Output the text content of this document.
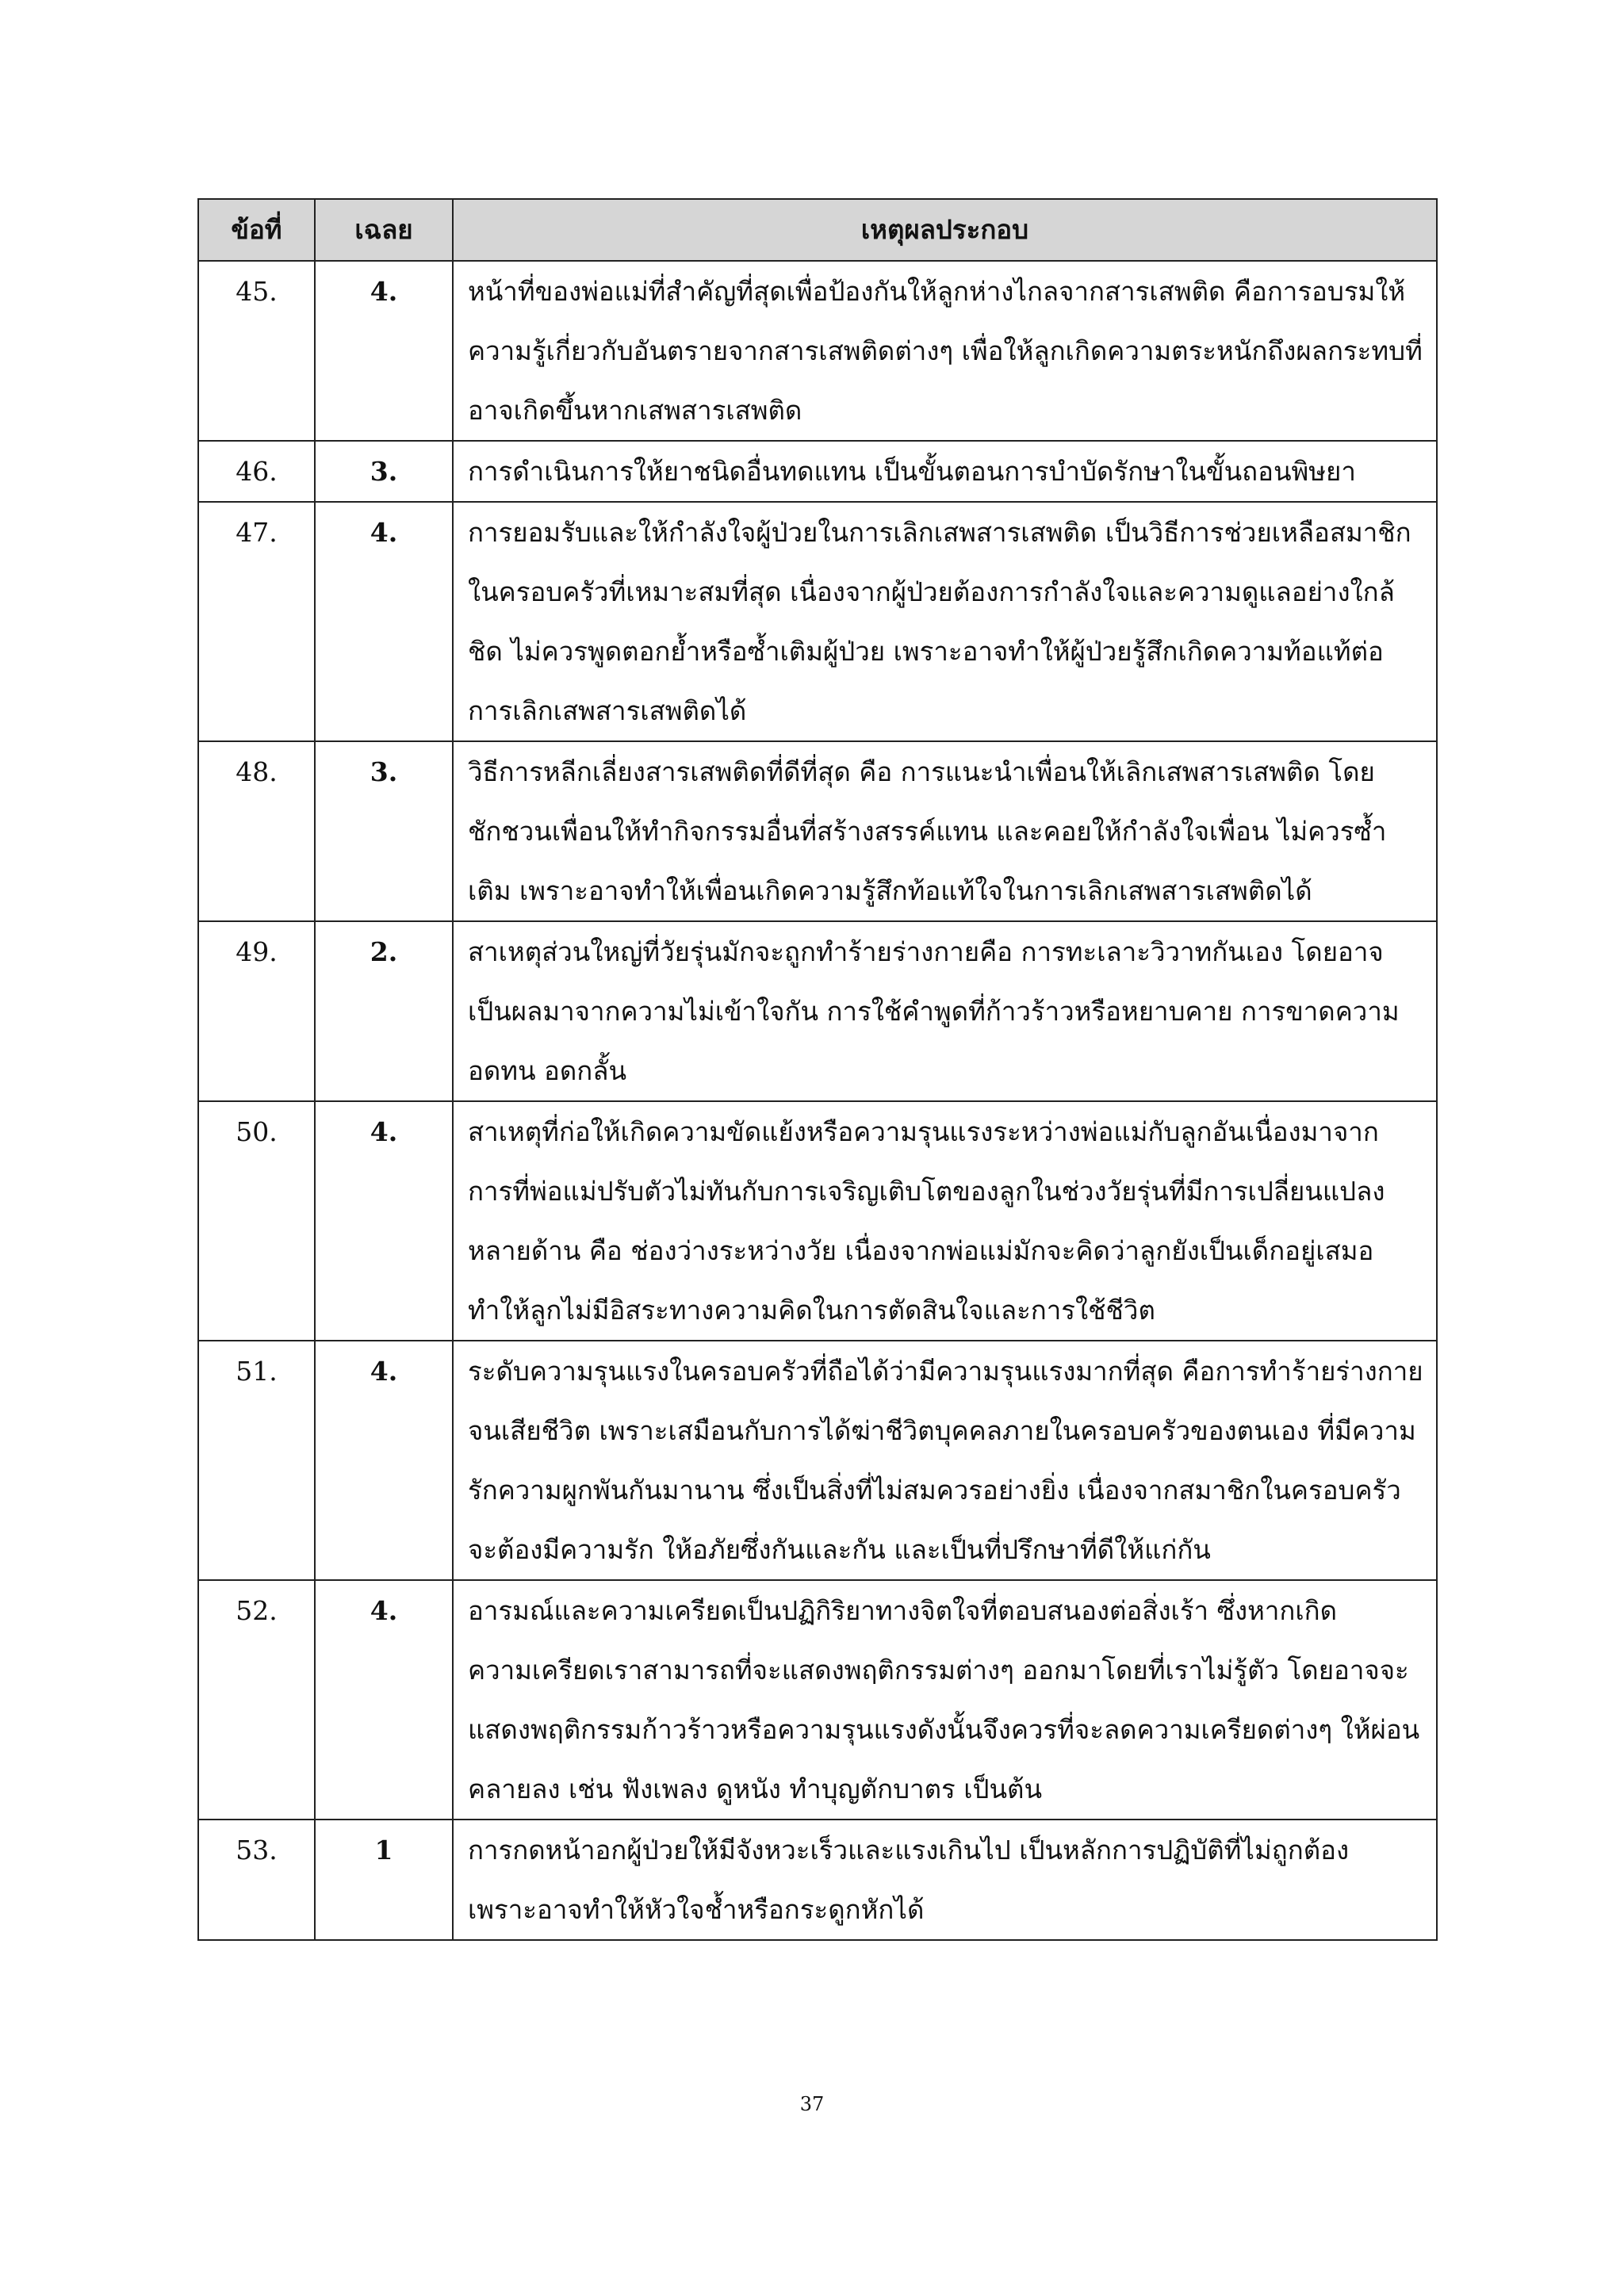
ข้อที่	เฉลย	เหตุผลประกอบ
45.	4.	หน้าที่ของพ่อแม่ที่สำคัญที่สุดเพื่อป้องกันให้ลูกห่างไกลจากสารเสพติด คือการอบรมให้ความรู้เกี่ยวกับอันตรายจากสารเสพติดต่างๆ เพื่อให้ลูกเกิดความตระหนักถึงผลกระทบที่อาจเกิดขึ้นหากเสพสารเสพติด
46.	3.	การดำเนินการให้ยาชนิดอื่นทดแทน เป็นขั้นตอนการบำบัดรักษาในขั้นถอนพิษยา
47.	4.	การยอมรับและให้กำลังใจผู้ป่วยในการเลิกเสพสารเสพติด เป็นวิธีการช่วยเหลือสมาชิกในครอบครัวที่เหมาะสมที่สุด เนื่องจากผู้ป่วยต้องการกำลังใจและความดูแลอย่างใกล้ชิด ไม่ควรพูดตอกย้ำหรือซ้ำเติมผู้ป่วย เพราะอาจทำให้ผู้ป่วยรู้สึกเกิดความท้อแท้ต่อการเลิกเสพสารเสพติดได้
48.	3.	วิธีการหลีกเลี่ยงสารเสพติดที่ดีที่สุด คือ การแนะนำเพื่อนให้เลิกเสพสารเสพติด โดยชักชวนเพื่อนให้ทำกิจกรรมอื่นที่สร้างสรรค์แทน และคอยให้กำลังใจเพื่อน ไม่ควรซ้ำเติม เพราะอาจทำให้เพื่อนเกิดความรู้สึกท้อแท้ใจในการเลิกเสพสารเสพติดได้
49.	2.	สาเหตุส่วนใหญ่ที่วัยรุ่นมักจะถูกทำร้ายร่างกายคือ การทะเลาะวิวาทกันเอง โดยอาจเป็นผลมาจากความไม่เข้าใจกัน การใช้คำพูดที่ก้าวร้าวหรือหยาบคาย การขาดความอดทน อดกลั้น
50.	4.	สาเหตุที่ก่อให้เกิดความขัดแย้งหรือความรุนแรงระหว่างพ่อแม่กับลูกอันเนื่องมาจากการที่พ่อแม่ปรับตัวไม่ทันกับการเจริญเติบโตของลูกในช่วงวัยรุ่นที่มีการเปลี่ยนแปลงหลายด้าน คือ ช่องว่างระหว่างวัย เนื่องจากพ่อแม่มักจะคิดว่าลูกยังเป็นเด็กอยู่เสมอ ทำให้ลูกไม่มีอิสระทางความคิดในการตัดสินใจและการใช้ชีวิต
51.	4.	ระดับความรุนแรงในครอบครัวที่ถือได้ว่ามีความรุนแรงมากที่สุด คือการทำร้ายร่างกายจนเสียชีวิต เพราะเสมือนกับการได้ฆ่าชีวิตบุคคลภายในครอบครัวของตนเอง ที่มีความรักความผูกพันกันมานาน ซึ่งเป็นสิ่งที่ไม่สมควรอย่างยิ่ง เนื่องจากสมาชิกในครอบครัวจะต้องมีความรัก ให้อภัยซึ่งกันและกัน และเป็นที่ปรึกษาที่ดีให้แก่กัน
52.	4.	อารมณ์และความเครียดเป็นปฏิกิริยาทางจิตใจที่ตอบสนองต่อสิ่งเร้า ซึ่งหากเกิดความเครียดเราสามารถที่จะแสดงพฤติกรรมต่างๆ ออกมาโดยที่เราไม่รู้ตัว โดยอาจจะแสดงพฤติกรรมก้าวร้าวหรือความรุนแรงดังนั้นจึงควรที่จะลดความเครียดต่างๆ ให้ผ่อนคลายลง เช่น ฟังเพลง ดูหนัง ทำบุญตักบาตร เป็นต้น
53.	1	การกดหน้าอกผู้ป่วยให้มีจังหวะเร็วและแรงเกินไป เป็นหลักการปฏิบัติที่ไม่ถูกต้อง เพราะอาจทำให้หัวใจช้ำหรือกระดูกหักได้
37
